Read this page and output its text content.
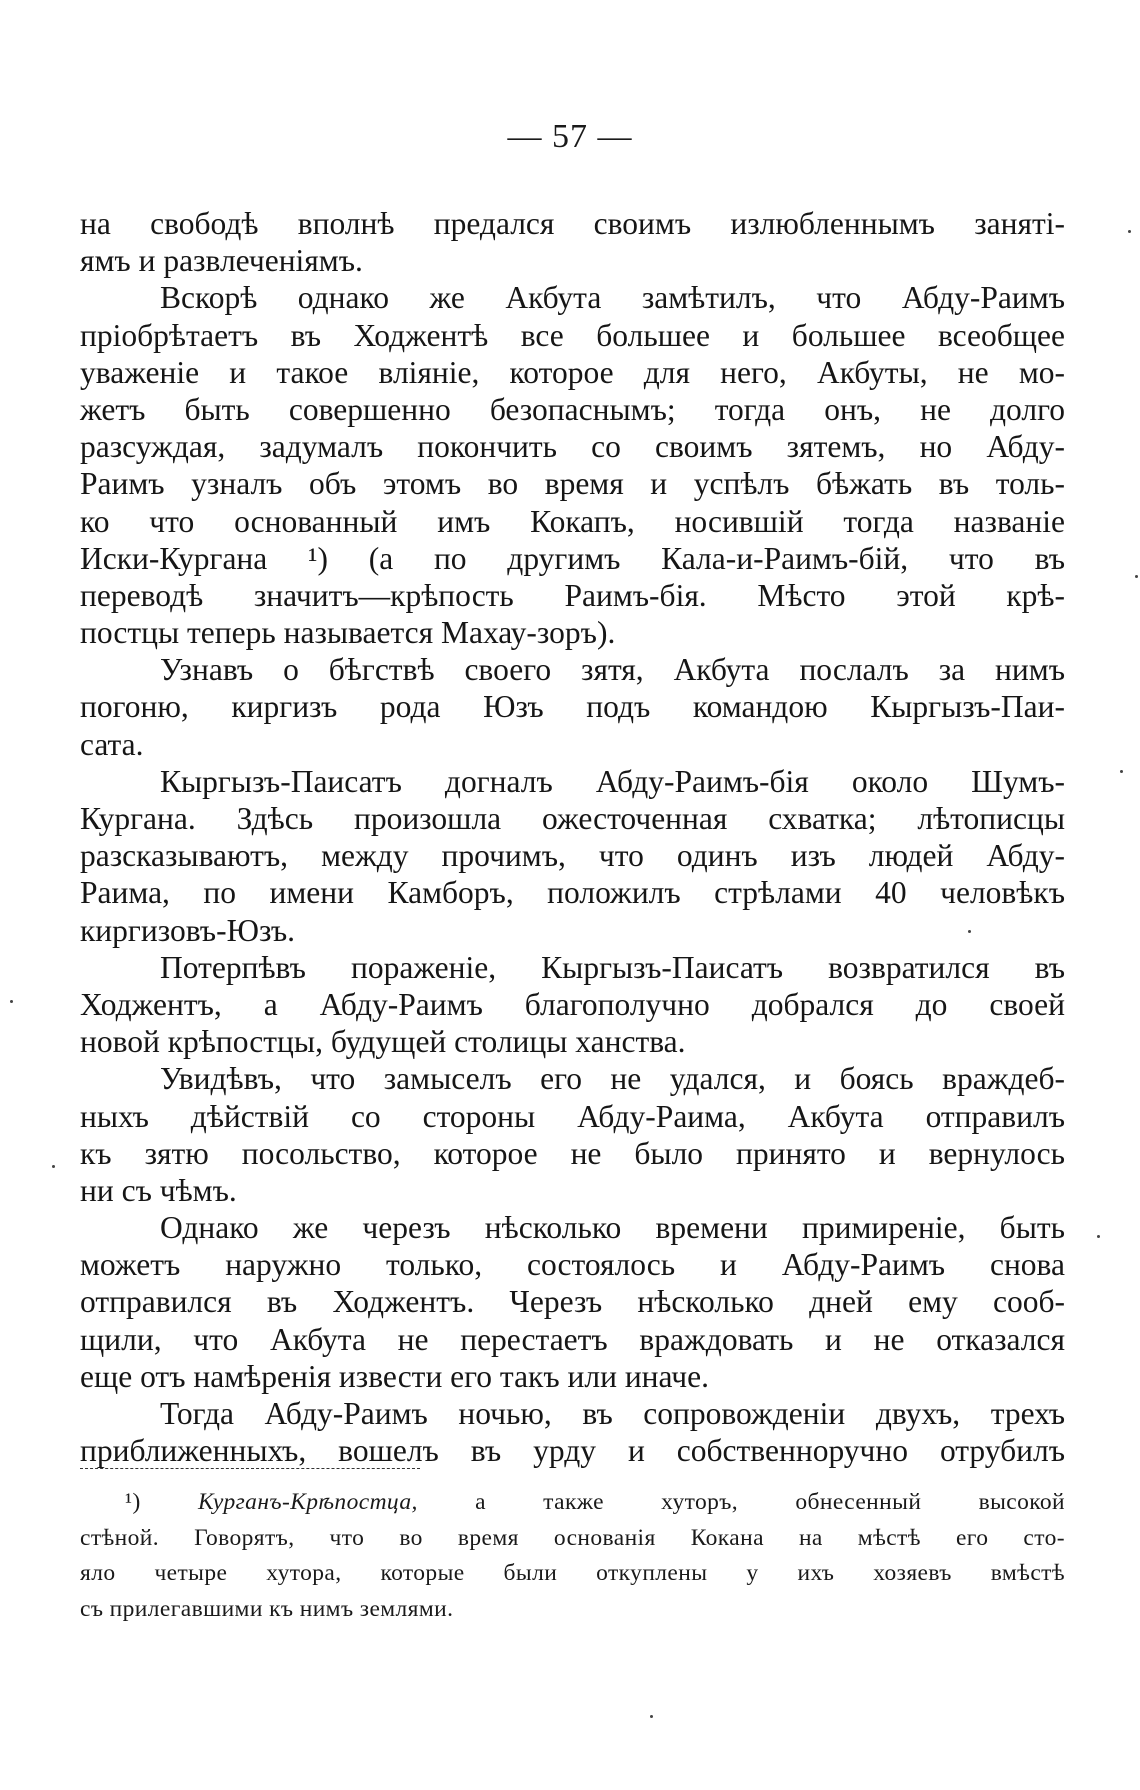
— 57 —
на свободѣ вполнѣ предался своимъ излюбленнымъ заняті-
ямъ и развлеченіямъ.
Вскорѣ однако же Акбута замѣтилъ, что Абду-Раимъ
пріобрѣтаетъ въ Ходжентѣ все большее и большее всеобщее
уваженіе и такое вліяніе, которое для него, Акбуты, не мо-
жетъ быть совершенно безопаснымъ; тогда онъ, не долго
разсуждая, задумалъ покончить со своимъ зятемъ, но Абду-
Раимъ узналъ объ этомъ во время и успѣлъ бѣжать въ толь-
ко что основанный имъ Кокапъ, носившій тогда названіе
Иски-Кургана ¹) (а по другимъ Кала-и-Раимъ-бій, что въ
переводѣ значитъ—крѣпость Раимъ-бія. Мѣсто этой крѣ-
постцы теперь называется Махау-зоръ).
Узнавъ о бѣгствѣ своего зятя, Акбута послалъ за нимъ
погоню, киргизъ рода Юзъ подъ командою Кыргызъ-Паи-
сата.
Кыргызъ-Паисатъ догналъ Абду-Раимъ-бія около Шумъ-
Кургана. Здѣсь произошла ожесточенная схватка; лѣтописцы
разсказываютъ, между прочимъ, что одинъ изъ людей Абду-
Раима, по имени Камборъ, положилъ стрѣлами 40 человѣкъ
киргизовъ-Юзъ.
Потерпѣвъ пораженіе, Кыргызъ-Паисатъ возвратился въ
Ходжентъ, а Абду-Раимъ благополучно добрался до своей
новой крѣпостцы, будущей столицы ханства.
Увидѣвъ, что замыселъ его не удался, и боясь враждеб-
ныхъ дѣйствій со стороны Абду-Раима, Акбута отправилъ
къ зятю посольство, которое не было принято и вернулось
ни съ чѣмъ.
Однако же черезъ нѣсколько времени примиреніе, быть
можетъ наружно только, состоялось и Абду-Раимъ снова
отправился въ Ходжентъ. Черезъ нѣсколько дней ему сооб-
щили, что Акбута не перестаетъ враждовать и не отказался
еще отъ намѣренія извести его такъ или иначе.
Тогда Абду-Раимъ ночью, въ сопровожденіи двухъ, трехъ
приближенныхъ, вошелъ въ урду и собственноручно отрубилъ
¹) Курганъ-Крѣпостца, а также хуторъ, обнесенный высокой
стѣной. Говорятъ, что во время основанія Кокана на мѣстѣ его сто-
яло четыре хутора, которые были откуплены у ихъ хозяевъ вмѣстѣ
съ прилегавшими къ нимъ землями.
